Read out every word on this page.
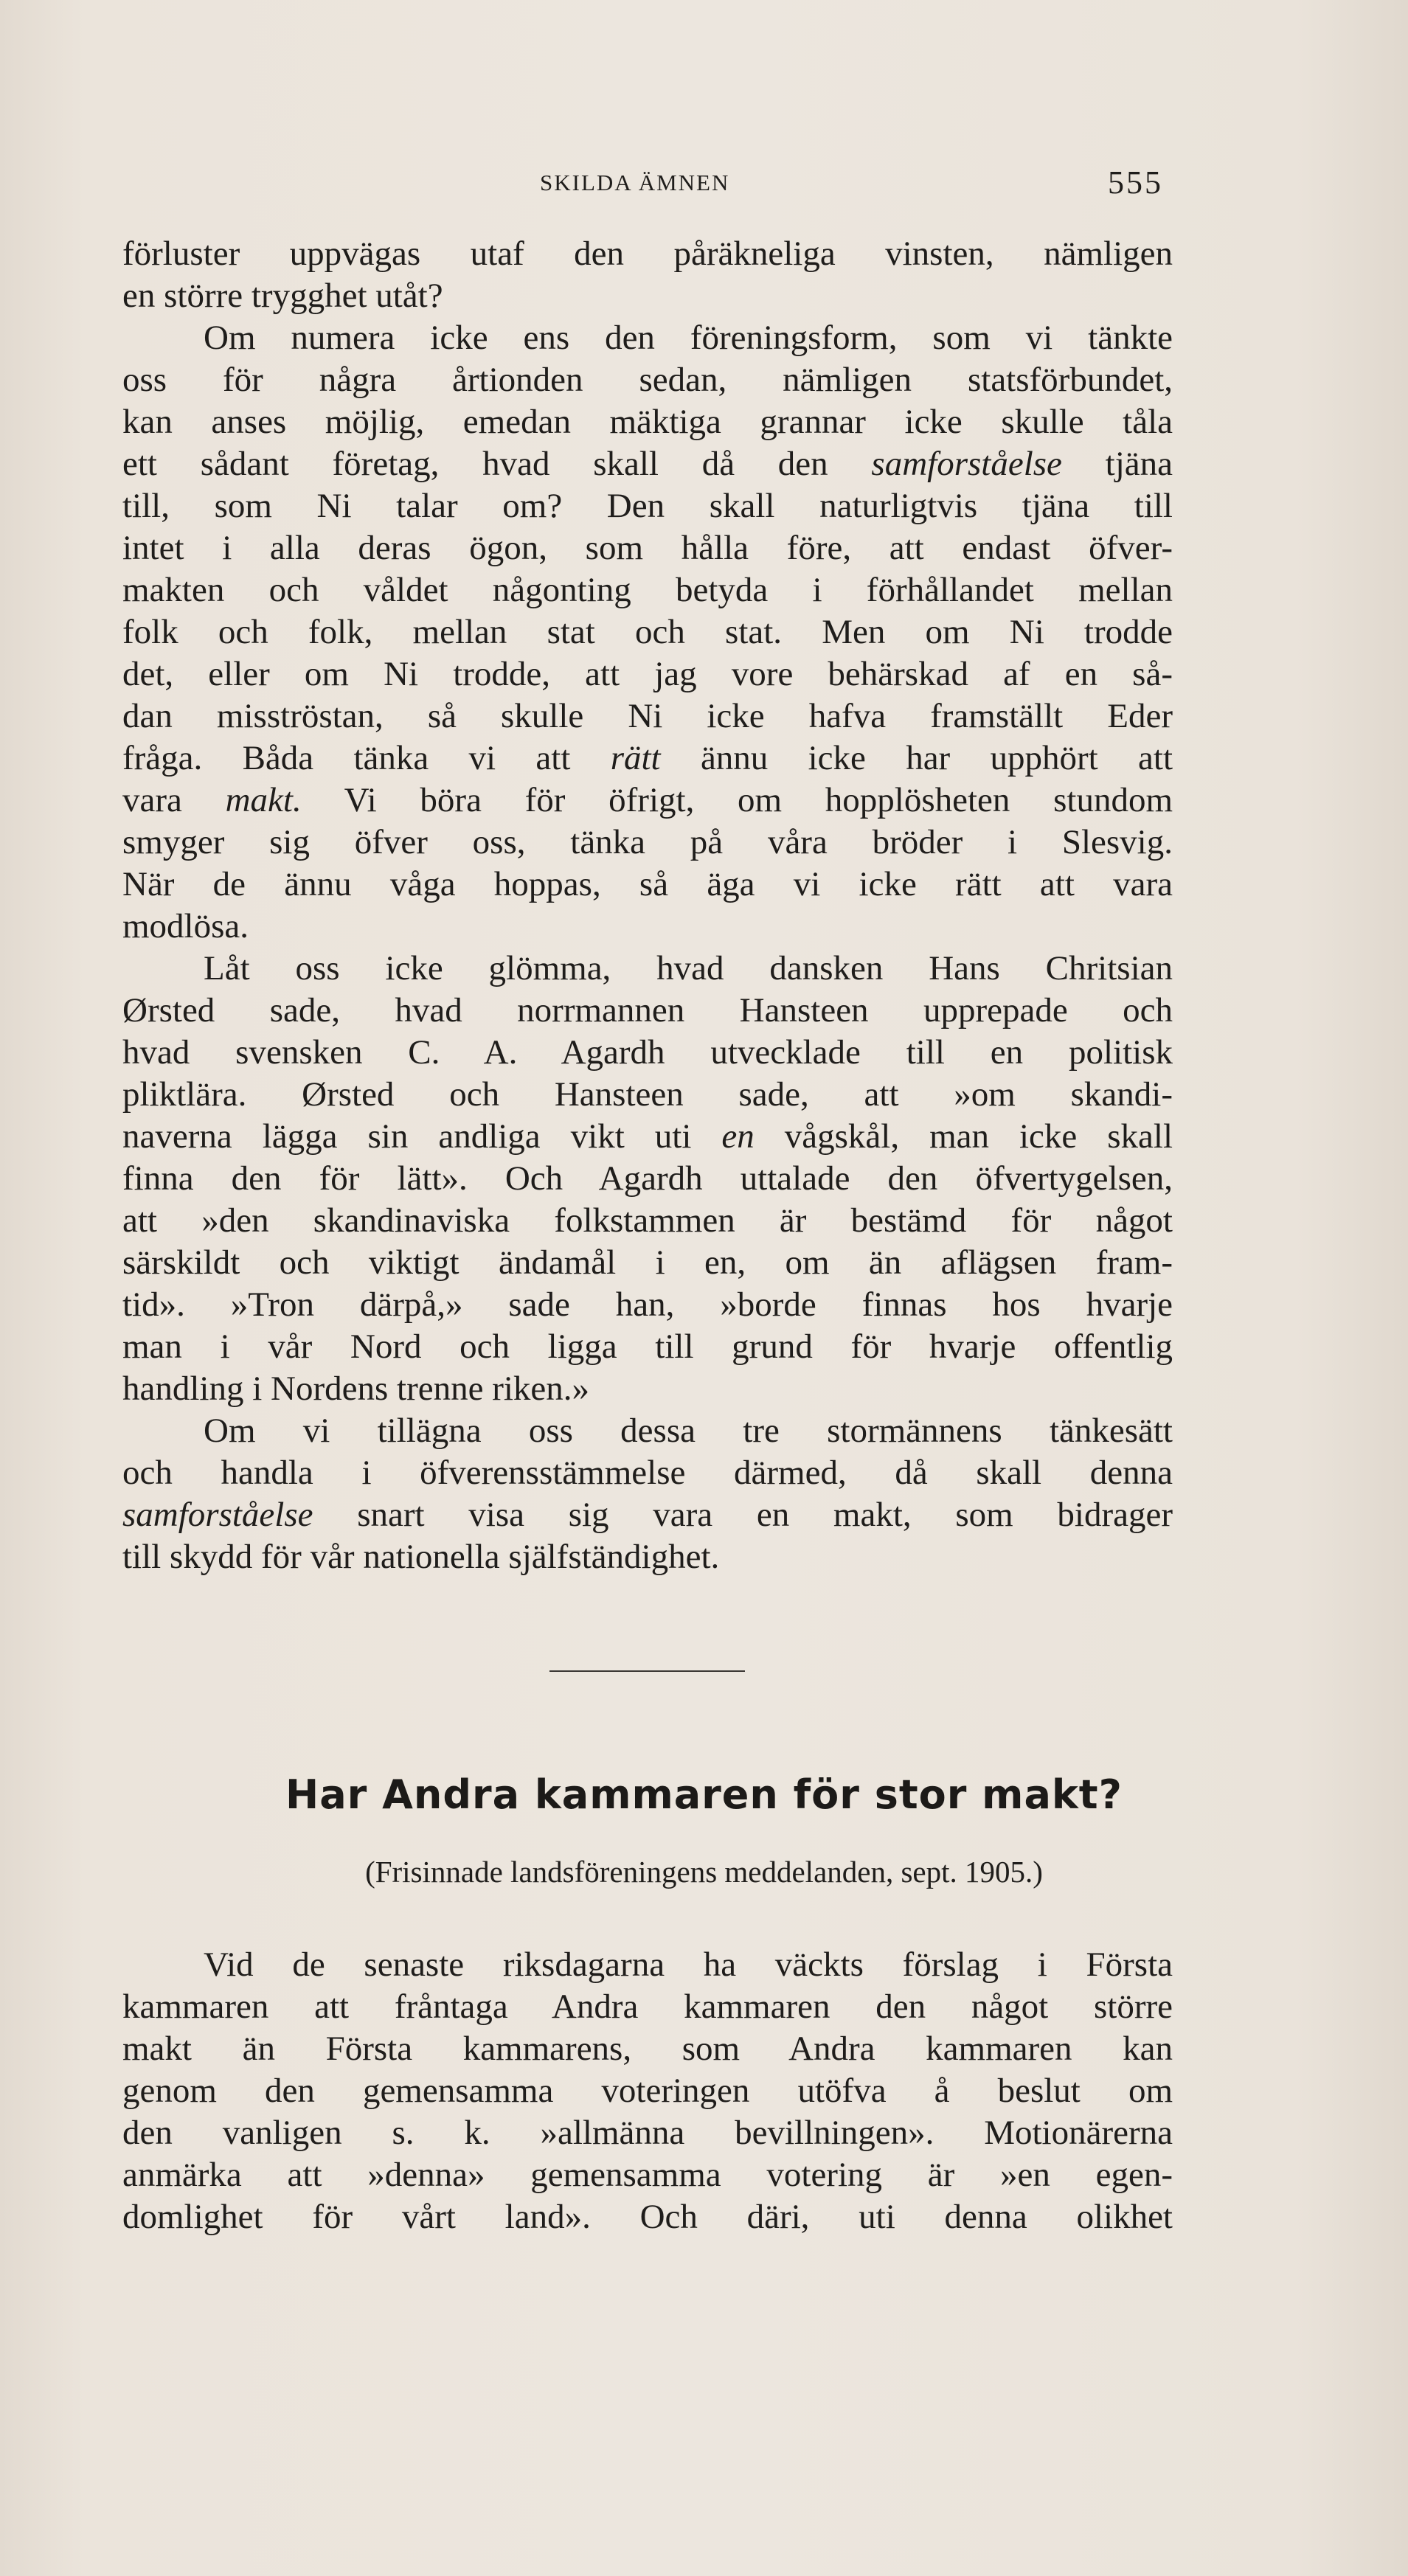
SKILDA ÄMNEN	555
förluster uppvägas utaf den påräkneliga vinsten, nämligen
en större trygghet utåt?
Om numera icke ens den föreningsform, som vi tänkte
oss för några årtionden sedan, nämligen statsförbundet,
kan anses möjlig, emedan mäktiga grannar icke skulle tåla
ett sådant företag, hvad skall då den samforståelse tjäna
till, som Ni talar om? Den skall naturligtvis tjäna till
intet i alla deras ögon, som hålla före, att endast öfver-
makten och våldet någonting betyda i förhållandet mellan
folk och folk, mellan stat och stat. Men om Ni trodde
det, eller om Ni trodde, att jag vore behärskad af en så-
dan misströstan, så skulle Ni icke hafva framställt Eder
fråga. Båda tänka vi att rätt ännu icke har upphört att
vara makt. Vi böra för öfrigt, om hopplösheten stundom
smyger sig öfver oss, tänka på våra bröder i Slesvig.
När de ännu våga hoppas, så äga vi icke rätt att vara
modlösa.
Låt oss icke glömma, hvad dansken Hans Chritsian
Ørsted sade, hvad norrmannen Hansteen upprepade och
hvad svensken C. A. Agardh utvecklade till en politisk
pliktlära. Ørsted och Hansteen sade, att »om skandi-
naverna lägga sin andliga vikt uti en vågskål, man icke skall
finna den för lätt». Och Agardh uttalade den öfvertygelsen,
att »den skandinaviska folkstammen är bestämd för något
särskildt och viktigt ändamål i en, om än aflägsen fram-
tid». »Tron därpå,» sade han, »borde finnas hos hvarje
man i vår Nord och ligga till grund för hvarje offentlig
handling i Nordens trenne riken.»
Om vi tillägna oss dessa tre stormännens tänkesätt
och handla i öfverensstämmelse därmed, då skall denna
samforståelse snart visa sig vara en makt, som bidrager
till skydd för vår nationella själfständighet.
Har Andra kammaren för stor makt?
(Frisinnade landsföreningens meddelanden, sept. 1905.)
Vid de senaste riksdagarna ha väckts förslag i Första
kammaren att fråntaga Andra kammaren den något större
makt än Första kammarens, som Andra kammaren kan
genom den gemensamma voteringen utöfva å beslut om
den vanligen s. k. »allmänna bevillningen». Motionärerna
anmärka att »denna» gemensamma votering är »en egen-
domlighet för vårt land». Och däri, uti denna olikhet
